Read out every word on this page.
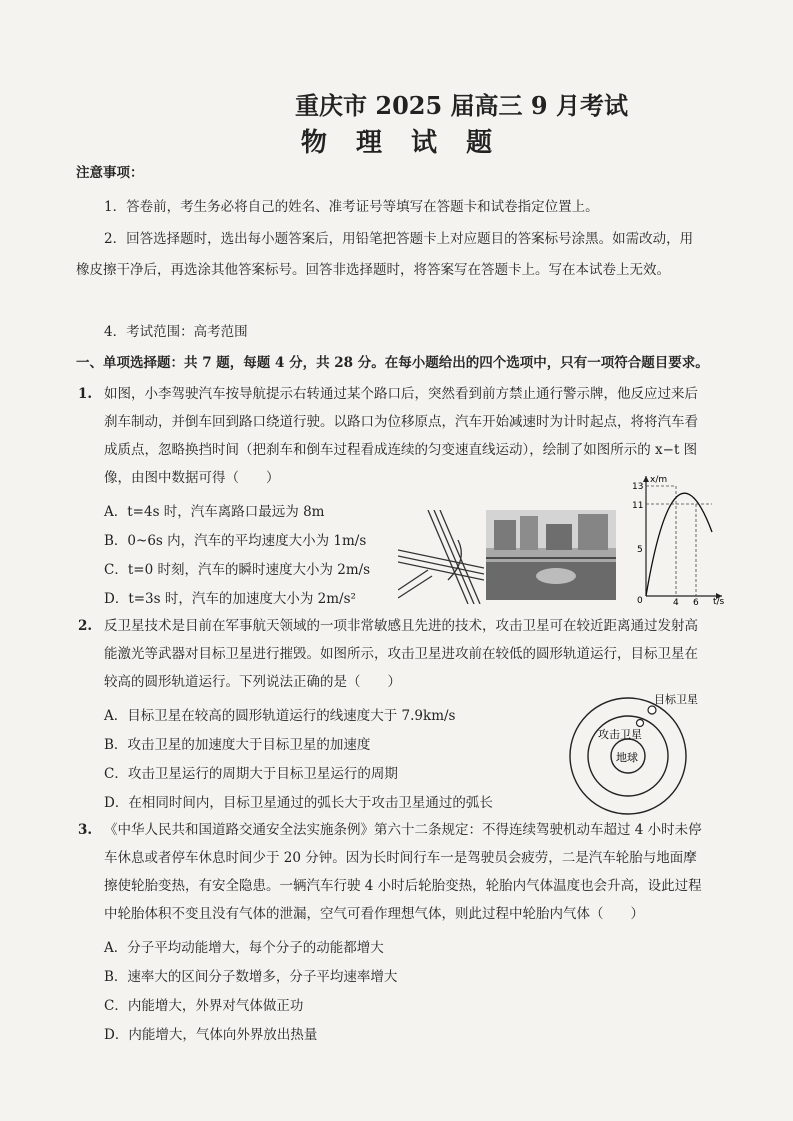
重庆市 2025 届高三 9 月考试
物 理 试 题
注意事项：
1．答卷前，考生务必将自己的姓名、准考证号等填写在答题卡和试卷指定位置上。
2．回答选择题时，选出每小题答案后，用铅笔把答题卡上对应题目的答案标号涂黑。如需改动，用
橡皮擦干净后，再选涂其他答案标号。回答非选择题时，将答案写在答题卡上。写在本试卷上无效。
4．考试范围：高考范围
一、单项选择题：共 7 题，每题 4 分，共 28 分。在每小题给出的四个选项中，只有一项符合题目要求。
1. 如图，小李驾驶汽车按导航提示右转通过某个路口后，突然看到前方禁止通行警示牌，他反应过来后
刹车制动，并倒车回到路口绕道行驶。以路口为位移原点，汽车开始减速时为计时起点，将将汽车看
成质点，忽略换挡时间（把刹车和倒车过程看成连续的匀变速直线运动），绘制了如图所示的 x−t 图
像，由图中数据可得（　　）
A．t=4s 时，汽车离路口最远为 8m
B．0~6s 内，汽车的平均速度大小为 1m/s
C．t=0 时刻，汽车的瞬时速度大小为 2m/s
D．t=3s 时，汽车的加速度大小为 2m/s²
x/m
t/s
0
5
11
13
4 6
2. 反卫星技术是目前在军事航天领域的一项非常敏感且先进的技术，攻击卫星可在较近距离通过发射高
能激光等武器对目标卫星进行摧毁。如图所示，攻击卫星进攻前在较低的圆形轨道运行，目标卫星在
较高的圆形轨道运行。下列说法正确的是（　　）
A．目标卫星在较高的圆形轨道运行的线速度大于 7.9km/s
B．攻击卫星的加速度大于目标卫星的加速度
C．攻击卫星运行的周期大于目标卫星运行的周期
D．在相同时间内，目标卫星通过的弧长大于攻击卫星通过的弧长
目标卫星
攻击卫星
地球
3. 《中华人民共和国道路交通安全法实施条例》第六十二条规定：不得连续驾驶机动车超过 4 小时未停
车休息或者停车休息时间少于 20 分钟。因为长时间行车一是驾驶员会疲劳，二是汽车轮胎与地面摩
擦使轮胎变热，有安全隐患。一辆汽车行驶 4 小时后轮胎变热，轮胎内气体温度也会升高，设此过程
中轮胎体积不变且没有气体的泄漏，空气可看作理想气体，则此过程中轮胎内气体（　　）
A．分子平均动能增大，每个分子的动能都增大
B．速率大的区间分子数增多，分子平均速率增大
C．内能增大，外界对气体做正功
D．内能增大，气体向外界放出热量
